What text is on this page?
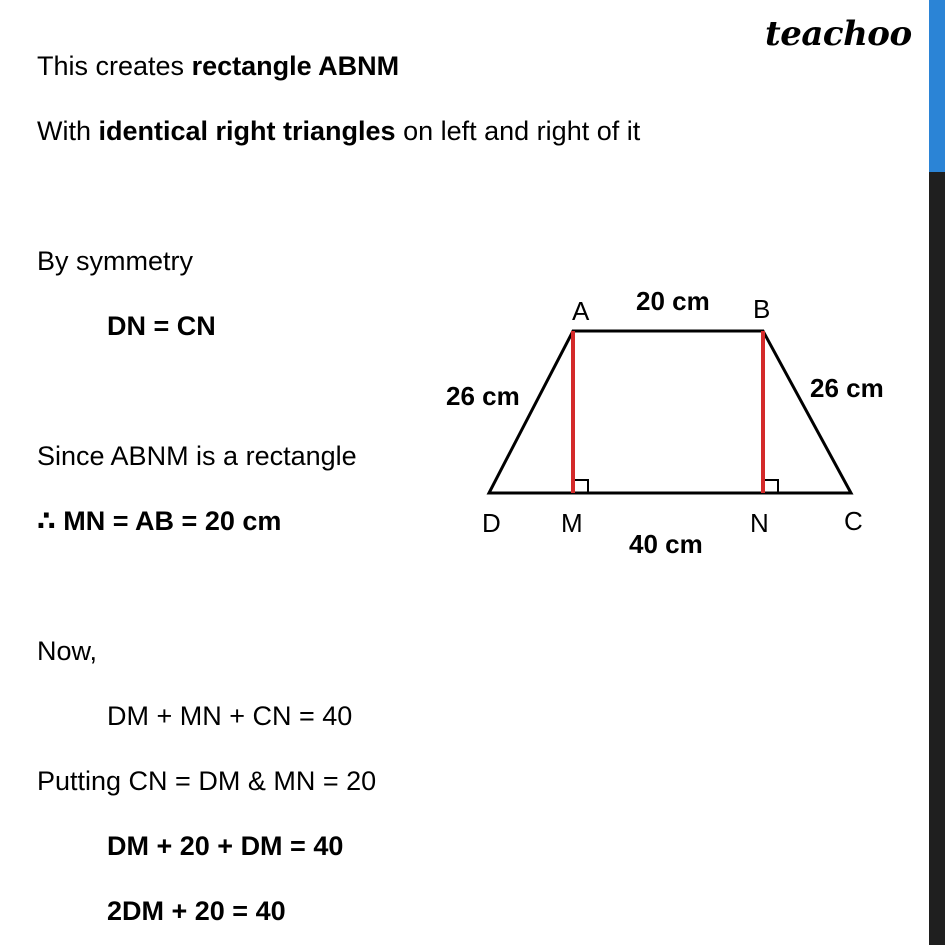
teachoo
This creates rectangle ABNM
With identical right triangles on left and right of it
By symmetry
DN = CN
Since ABNM is a rectangle
∴ MN = AB = 20 cm
Now,
DM + MN + CN = 40
Putting CN = DM & MN = 20
DM + 20 + DM = 40
2DM + 20 = 40
A	B
C
D M	N
20 cm
26 cm	26 cm
40 cm
